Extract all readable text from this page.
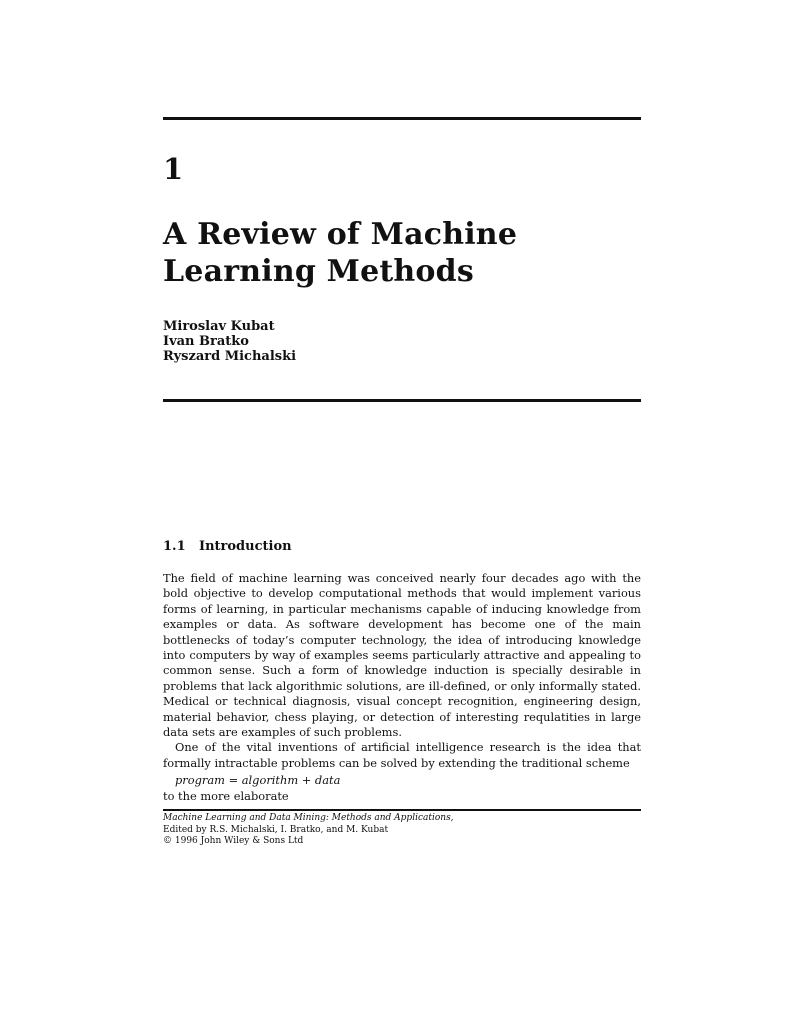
1
A Review of Machine
Learning Methods
Miroslav Kubat
Ivan Bratko
Ryszard Michalski
1.1 Introduction

The field of machine learning was conceived nearly four decades ago with the bold objective to develop computational methods that would implement various forms of learning, in particular mechanisms capable of inducing knowledge from examples or data. As software development has become one of the main bottlenecks of today’s computer technology, the idea of introducing knowledge into computers by way of examples seems particularly attractive and appealing to common sense. Such a form of knowledge induction is specially desirable in problems that lack algorithmic solutions, are ill-defined, or only informally stated. Medical or technical diagnosis, visual concept recognition, engineering design, material behavior, chess playing, or detection of interesting requlatities in large data sets are examples of such problems.

One of the vital inventions of artificial intelligence research is the idea that formally intractable problems can be solved by extending the traditional scheme

program = algorithm + data

to the more elaborate

Machine Learning and Data Mining: Methods and Applications,
Edited by R.S. Michalski, I. Bratko, and M. Kubat
© 1996 John Wiley & Sons Ltd
